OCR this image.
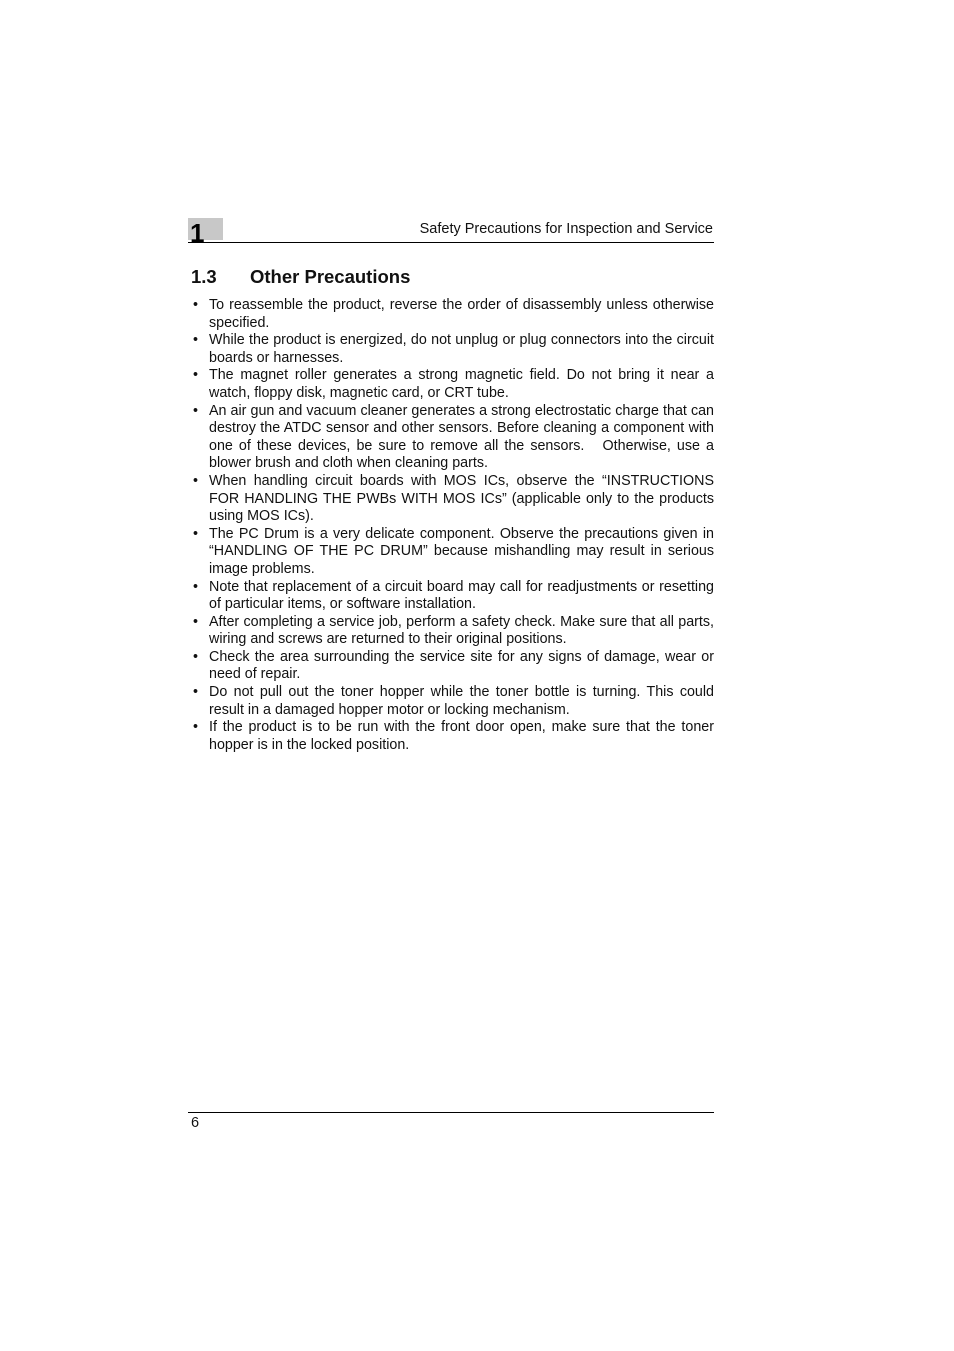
1	Safety Precautions for Inspection and Service
1.3 Other Precautions
• To reassemble the product, reverse the order of disassembly unless otherwise specified.
• While the product is energized, do not unplug or plug connectors into the circuit boards or harnesses.
• The magnet roller generates a strong magnetic field. Do not bring it near a watch, floppy disk, magnetic card, or CRT tube.
• An air gun and vacuum cleaner generates a strong electrostatic charge that can destroy the ATDC sensor and other sensors. Before cleaning a component with one of these devices, be sure to remove all the sensors.   Otherwise, use a blower brush and cloth when cleaning parts.
• When handling circuit boards with MOS ICs, observe the “INSTRUCTIONS FOR HANDLING THE PWBs WITH MOS ICs” (applicable only to the products using MOS ICs).
• The PC Drum is a very delicate component. Observe the precautions given in “HANDLING OF THE PC DRUM” because mishandling may result in serious image problems.
• Note that replacement of a circuit board may call for readjustments or resetting of particular items, or software installation.
• After completing a service job, perform a safety check. Make sure that all parts, wiring and screws are returned to their original positions.
• Check the area surrounding the service site for any signs of damage, wear or need of repair.
• Do not pull out the toner hopper while the toner bottle is turning. This could result in a damaged hopper motor or locking mechanism.
• If the product is to be run with the front door open, make sure that the toner hopper is in the locked position.
6
